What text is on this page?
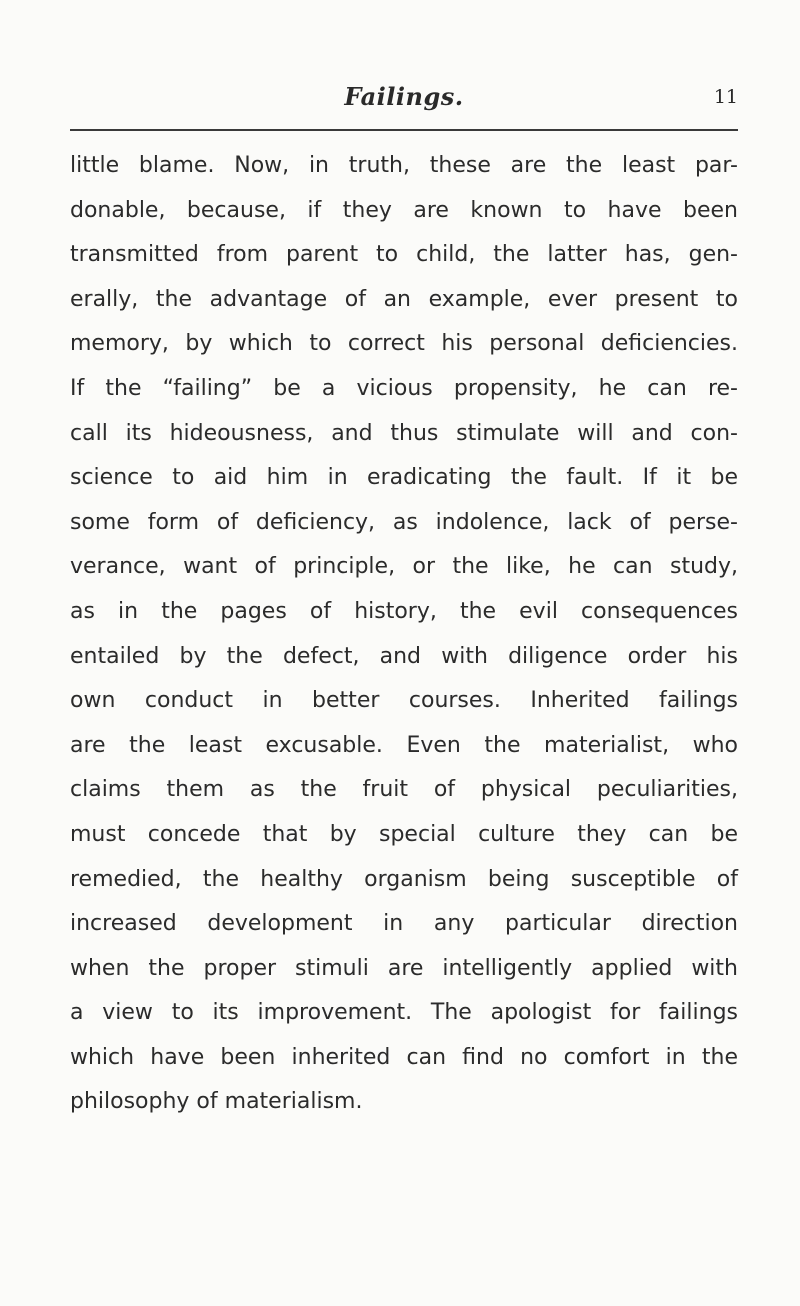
Failings.	11
little blame. Now, in truth, these are the least par-
donable, because, if they are known to have been
transmitted from parent to child, the latter has, gen-
erally, the advantage of an example, ever present to
memory, by which to correct his personal deficiencies.
If the “failing” be a vicious propensity, he can re-
call its hideousness, and thus stimulate will and con-
science to aid him in eradicating the fault. If it be
some form of deficiency, as indolence, lack of perse-
verance, want of principle, or the like, he can study,
as in the pages of history, the evil consequences
entailed by the defect, and with diligence order his
own conduct in better courses. Inherited failings
are the least excusable. Even the materialist, who
claims them as the fruit of physical peculiarities,
must concede that by special culture they can be
remedied, the healthy organism being susceptible of
increased development in any particular direction
when the proper stimuli are intelligently applied with
a view to its improvement. The apologist for failings
which have been inherited can find no comfort in the
philosophy of materialism.
